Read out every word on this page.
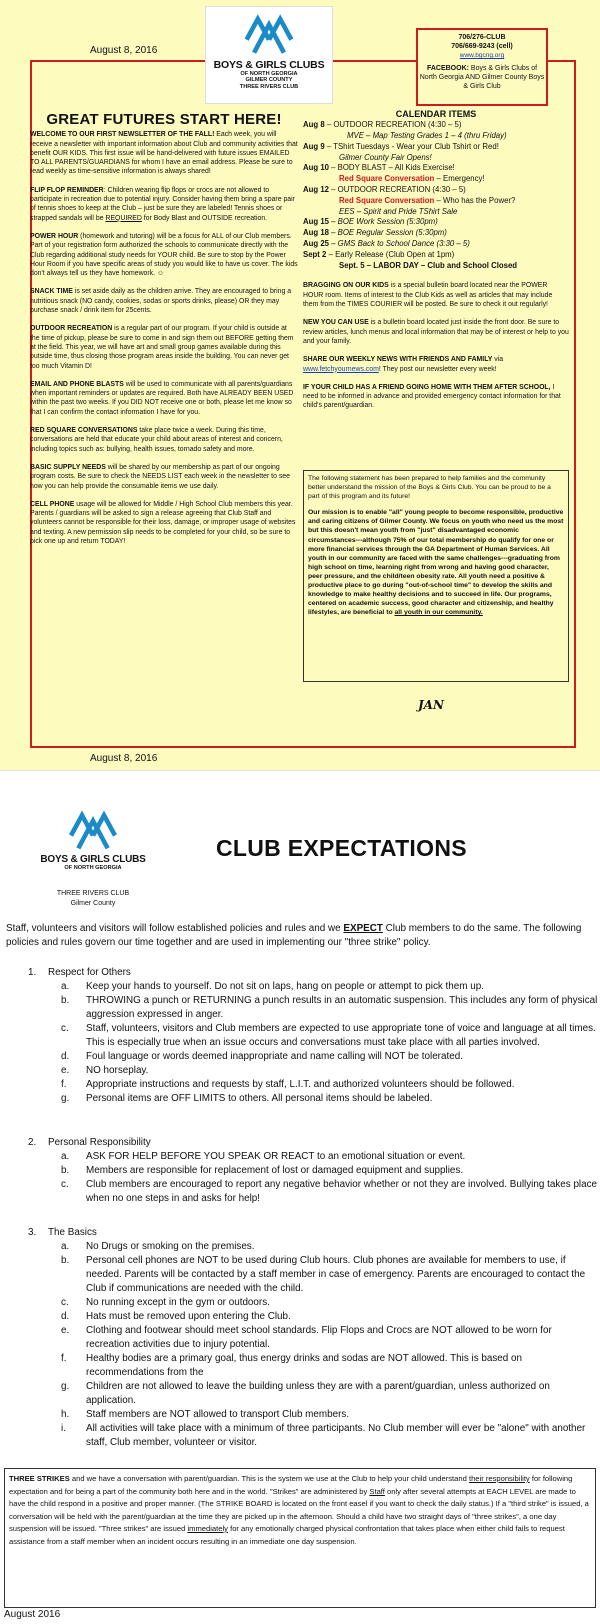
August 8, 2016
BOYS & GIRLS CLUBS
OF NORTH GEORGIA
GILMER COUNTY
THREE RIVERS CLUB
706/276-CLUB
706/669-9243 (cell)
www.bgcng.org
FACEBOOK: Boys & Girls Clubs of North Georgia AND Gilmer County Boys & Girls Club
GREAT FUTURES START HERE!

WELCOME TO OUR FIRST NEWSLETTER OF THE FALL! Each week, you will receive a newsletter with important information about Club and community activities that benefit OUR KIDS. This first issue will be hand-delivered with future issues EMAILED TO ALL PARENTS/GUARDIANS for whom I have an email address. Please be sure to read weekly as time-sensitive information is always shared!

FLIP FLOP REMINDER: Children wearing flip flops or crocs are not allowed to participate in recreation due to potential injury. Consider having them bring a spare pair of tennis shoes to keep at the Club – just be sure they are labeled! Tennis shoes or strapped sandals will be REQUIRED for Body Blast and OUTSIDE recreation.

POWER HOUR (homework and tutoring) will be a focus for ALL of our Club members. Part of your registration form authorized the schools to communicate directly with the Club regarding additional study needs for YOUR child. Be sure to stop by the Power Hour Room if you have specific areas of study you would like to have us cover. The kids don't always tell us they have homework. ☺

SNACK TIME is set aside daily as the children arrive. They are encouraged to bring a nutritious snack (NO candy, cookies, sodas or sports drinks, please) OR they may purchase snack / drink item for 25cents.

OUTDOOR RECREATION is a regular part of our program. If your child is outside at the time of pickup, please be sure to come in and sign them out BEFORE getting them at the field. This year, we will have art and small group games available during this outside time, thus closing those program areas inside the building. You can never get too much Vitamin D!

EMAIL AND PHONE BLASTS will be used to communicate with all parents/guardians when important reminders or updates are required. Both have ALREADY BEEN USED within the past two weeks. If you DID NOT receive one or both, please let me know so that I can confirm the contact information I have for you.

RED SQUARE CONVERSATIONS take place twice a week. During this time, conversations are held that educate your child about areas of interest and concern, including topics such as: bullying, health issues, tornado safety and more.

BASIC SUPPLY NEEDS will be shared by our membership as part of our ongoing program costs. Be sure to check the NEEDS LIST each week in the newsletter to see how you can help provide the consumable items we use daily.

CELL PHONE usage will be allowed for Middle / High School Club members this year. Parents / guardians will be asked to sign a release agreeing that Club Staff and volunteers cannot be responsible for their loss, damage, or improper usage of websites and texting. A new permission slip needs to be completed for your child, so be sure to pick one up and return TODAY!

CALENDAR ITEMS
Aug 8 – OUTDOOR RECREATION (4:30 – 5)
MVE – Map Testing Grades 1 – 4 (thru Friday)
Aug 9 – TShirt Tuesdays - Wear your Club Tshirt or Red!
Gilmer County Fair Opens!
Aug 10 – BODY BLAST – All Kids Exercise!
Red Square Conversation – Emergency!
Aug 12 – OUTDOOR RECREATION (4:30 – 5)
Red Square Conversation – Who has the Power?
EES – Spirit and Pride TShirt Sale
Aug 15 – BOE Work Session (5:30pm)
Aug 18 – BOE Regular Session (5:30pm)
Aug 25 – GMS Back to School Dance (3:30 – 5)
Sept 2 – Early Release (Club Open at 1pm)
Sept. 5 – LABOR DAY – Club and School Closed

BRAGGING ON OUR KIDS is a special bulletin board located near the POWER HOUR room. Items of interest to the Club Kids as well as articles that may include them from the TIMES COURIER will be posted. Be sure to check it out regularly!

NEW YOU CAN USE is a bulletin board located just inside the front door. Be sure to review articles, lunch menus and local information that may be of interest or help to you and your family.

SHARE OUR WEEKLY NEWS WITH FRIENDS AND FAMILY via www.fetchyournews.com! They post our newsletter every week!

IF YOUR CHILD HAS A FRIEND GOING HOME WITH THEM AFTER SCHOOL, I need to be informed in advance and provided emergency contact information for that child's parent/guardian.

The following statement has been prepared to help families and the community better understand the mission of the Boys & Girls Club. You can be proud to be a part of this program and its future!
Our mission is to enable "all" young people to become responsible, productive and caring citizens of Gilmer County. We focus on youth who need us the most but this doesn't mean youth from "just" disadvantaged economic circumstances---although 75% of our total membership do qualify for one or more financial services through the GA Department of Human Services. All youth in our community are faced with the same challenges---graduating from high school on time, learning right from wrong and having good character, peer pressure, and the child/teen obesity rate. All youth need a positive & productive place to go during "out-of-school time" to develop the skills and knowledge to make healthy decisions and to succeed in life. Our programs, centered on academic success, good character and citizenship, and healthy lifestyles, are beneficial to all youth in our community.
JAN
August 8, 2016
BOYS & GIRLS CLUBS
OF NORTH GEORGIA
THREE RIVERS CLUB
Gilmer County
CLUB EXPECTATIONS
Staff, volunteers and visitors will follow established policies and rules and we EXPECT Club members to do the same. The following policies and rules govern our time together and are used in implementing our "three strike" policy.
1. Respect for Others
a.	Keep your hands to yourself. Do not sit on laps, hang on people or attempt to pick them up.
b.	THROWING a punch or RETURNING a punch results in an automatic suspension. This includes any form of physical aggression expressed in anger.
c.	Staff, volunteers, visitors and Club members are expected to use appropriate tone of voice and language at all times. This is especially true when an issue occurs and conversations must take place with all parties involved.
d.	Foul language or words deemed inappropriate and name calling will NOT be tolerated.
e.	NO horseplay.
f.	Appropriate instructions and requests by staff, L.I.T. and authorized volunteers should be followed.
g.	Personal items are OFF LIMITS to others. All personal items should be labeled.
2. Personal Responsibility
a.	ASK FOR HELP BEFORE YOU SPEAK OR REACT to an emotional situation or event.
b.	Members are responsible for replacement of lost or damaged equipment and supplies.
c.	Club members are encouraged to report any negative behavior whether or not they are involved. Bullying takes place when no one steps in and asks for help!
3. The Basics
a.	No Drugs or smoking on the premises.
b.	Personal cell phones are NOT to be used during Club hours. Club phones are available for members to use, if needed. Parents will be contacted by a staff member in case of emergency. Parents are encouraged to contact the Club if communications are needed with the child.
c.	No running except in the gym or outdoors.
d.	Hats must be removed upon entering the Club.
e.	Clothing and footwear should meet school standards. Flip Flops and Crocs are NOT allowed to be worn for recreation activities due to injury potential.
f.	Healthy bodies are a primary goal, thus energy drinks and sodas are NOT allowed. This is based on recommendations from the
g.	Children are not allowed to leave the building unless they are with a parent/guardian, unless authorized on application.
h.	Staff members are NOT allowed to transport Club members.
i.	All activities will take place with a minimum of three participants. No Club member will ever be "alone" with another staff, Club member, volunteer or visitor.
THREE STRIKES and we have a conversation with parent/guardian. This is the system we use at the Club to help your child understand their responsibility for following expectation and for being a part of the community both here and in the world. "Strikes" are administered by Staff only after several attempts at EACH LEVEL are made to have the child respond in a positive and proper manner. (The STRIKE BOARD is located on the front easel if you want to check the daily status.) If a "third strike" is issued, a conversation will be held with the parent/guardian at the time they are picked up in the afternoon. Should a child have two straight days of "three strikes", a one day suspension will be issued. "Three strikes" are issued immediately for any emotionally charged physical confrontation that takes place when either child fails to request assistance from a staff member when an incident occurs resulting in an immediate one day suspension.
August 2016
